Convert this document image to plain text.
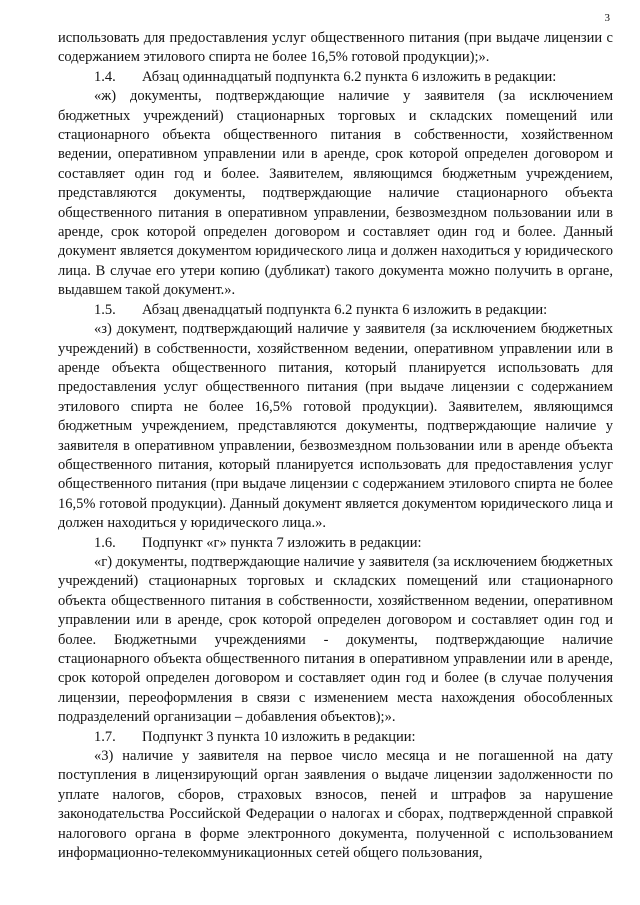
3

использовать для предоставления услуг общественного питания (при выдаче лицензии с содержанием этилового спирта не более 16,5% готовой продукции);».

1.4. Абзац одиннадцатый подпункта 6.2 пункта 6 изложить в редакции:

«ж) документы, подтверждающие наличие у заявителя (за исключением бюджетных учреждений) стационарных торговых и складских помещений или стационарного объекта общественного питания в собственности, хозяйственном ведении, оперативном управлении или в аренде, срок которой определен договором и составляет один год и более. Заявителем, являющимся бюджетным учреждением, представляются документы, подтверждающие наличие стационарного объекта общественного питания в оперативном управлении, безвозмездном пользовании или в аренде, срок которой определен договором и составляет один год и более. Данный документ является документом юридического лица и должен находиться у юридического лица. В случае его утери копию (дубликат) такого документа можно получить в органе, выдавшем такой документ.».

1.5. Абзац двенадцатый подпункта 6.2 пункта 6 изложить в редакции:

«з) документ, подтверждающий наличие у заявителя (за исключением бюджетных учреждений) в собственности, хозяйственном ведении, оперативном управлении или в аренде объекта общественного питания, который планируется использовать для предоставления услуг общественного питания (при выдаче лицензии с содержанием этилового спирта не более 16,5% готовой продукции). Заявителем, являющимся бюджетным учреждением, представляются документы, подтверждающие наличие у заявителя в оперативном управлении, безвозмездном пользовании или в аренде объекта общественного питания, который планируется использовать для предоставления услуг общественного питания (при выдаче лицензии с содержанием этилового спирта не более 16,5% готовой продукции). Данный документ является документом юридического лица и должен находиться у юридического лица.».

1.6. Подпункт «г» пункта 7 изложить в редакции:

«г) документы, подтверждающие наличие у заявителя (за исключением бюджетных учреждений) стационарных торговых и складских помещений или стационарного объекта общественного питания в собственности, хозяйственном ведении, оперативном управлении или в аренде, срок которой определен договором и составляет один год и более. Бюджетными учреждениями - документы, подтверждающие наличие стационарного объекта общественного питания в оперативном управлении или в аренде, срок которой определен договором и составляет один год и более (в случае получения лицензии, переоформления в связи с изменением места нахождения обособленных подразделений организации – добавления объектов);».

1.7. Подпункт 3 пункта 10 изложить в редакции:

«3) наличие у заявителя на первое число месяца и не погашенной на дату поступления в лицензирующий орган заявления о выдаче лицензии задолженности по уплате налогов, сборов, страховых взносов, пеней и штрафов за нарушение законодательства Российской Федерации о налогах и сборах, подтвержденной справкой налогового органа в форме электронного документа, полученной с использованием информационно-телекоммуникационных сетей общего пользования,
